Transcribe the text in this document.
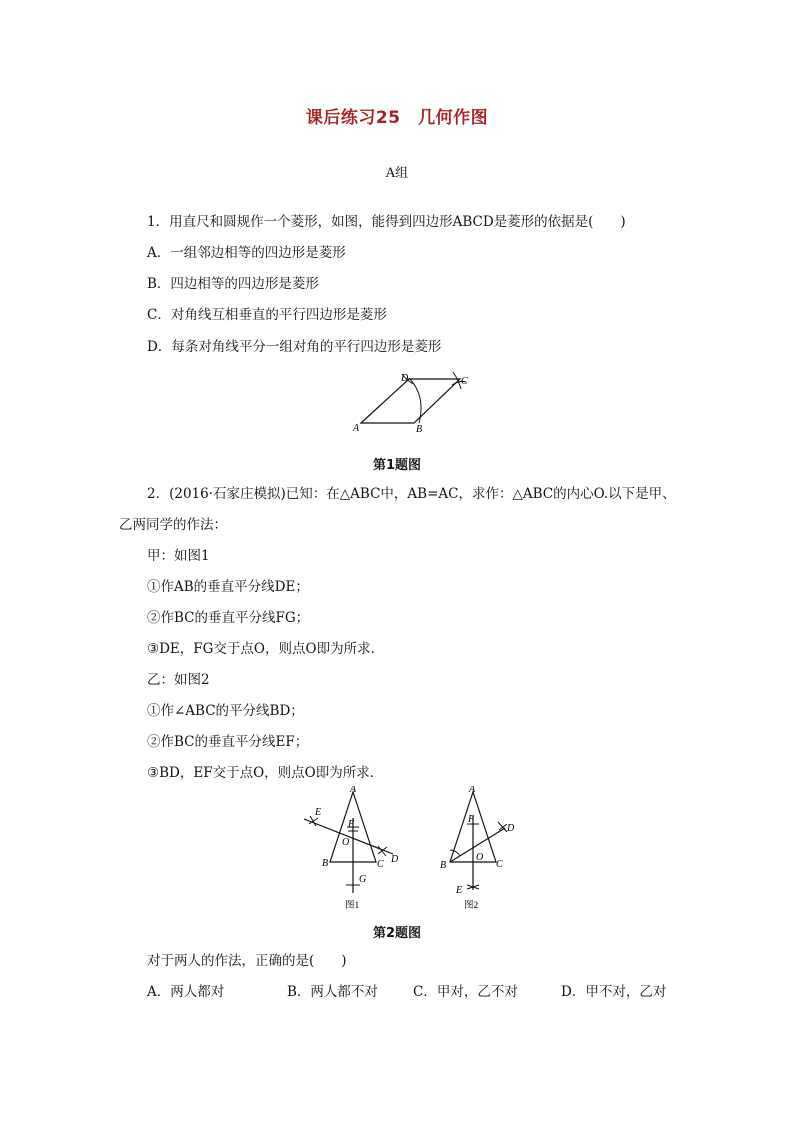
课后练习25　几何作图
A组
1．用直尺和圆规作一个菱形，如图，能得到四边形ABCD是菱形的依据是(　　)
A．一组邻边相等的四边形是菱形
B．四边相等的四边形是菱形
C．对角线互相垂直的平行四边形是菱形
D．每条对角线平分一组对角的平行四边形是菱形
A	B
C
D
第1题图
2．(2016·石家庄模拟)已知：在△ABC中，AB=AC，求作：△ABC的内心O.以下是甲、
乙两同学的作法：
甲：如图1
①作AB的垂直平分线DE；
②作BC的垂直平分线FG；
③DE，FG交于点O，则点O即为所求．
乙：如图2
①作∠ABC的平分线BD；
②作BC的垂直平分线EF；
③BD，EF交于点O，则点O即为所求．
A
B	C D
E
F
G
O
图1
A
B	C
D
E
F
O
图2
第2题图
对于两人的作法，正确的是(　　)
A．两人都对	B．两人都不对	C．甲对，乙不对	D．甲不对，乙对
